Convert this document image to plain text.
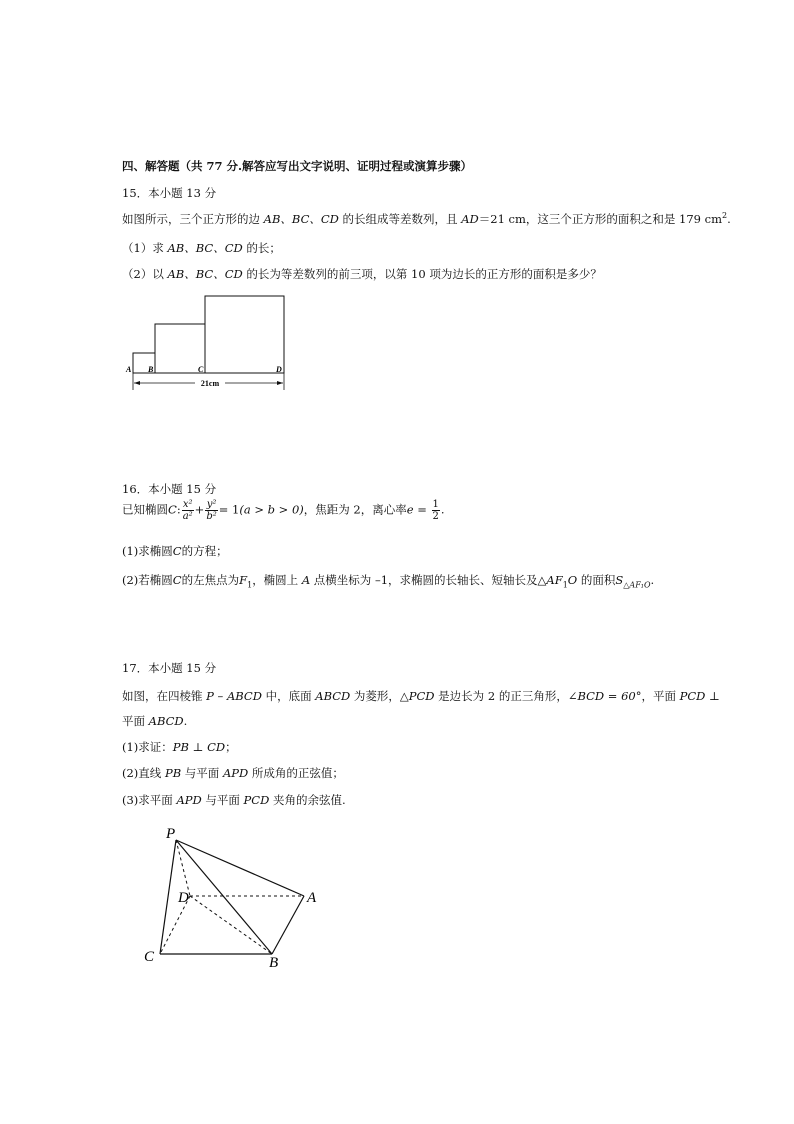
四、解答题（共 77 分.解答应写出文字说明、证明过程或演算步骤）
15．本小题 13 分
如图所示，三个正方形的边 AB、BC、CD 的长组成等差数列，且 AD＝21 cm，这三个正方形的面积之和是 179 $cm^2$.
（1）求 AB、BC、CD 的长；
（2）以 AB、BC、CD 的长为等差数列的前三项，以第 10 项为边长的正方形的面积是多少？
21cm
A B	C	D
16．本小题 15 分
已知椭圆C: $\frac{\text{x²}}{\text{a²}} + \frac{\text{y²}}{\text{b²}} = 1(a > b > 0)$，焦距为 2，离心率$e = \frac{1}{2}$ .
(1)求椭圆C的方程；
(2)若椭圆C的左焦点为$F_1$，椭圆上 A 点横坐标为 –1，求椭圆的长轴长、短轴长及$\triangle AF_1O$ 的面积$S_{\triangle AF_1O}$.
17．本小题 15 分
如图，在四棱锥 P – ABCD 中，底面 ABCD 为菱形，△PCD 是边长为 2 的正三角形，∠BCD = 60°，平面 PCD ⊥
平面 ABCD.
(1)求证：PB ⊥ CD；
(2)直线 PB 与平面 APD 所成角的正弦值；
(3)求平面 APD 与平面 PCD 夹角的余弦值.
P
A
B
C
D
